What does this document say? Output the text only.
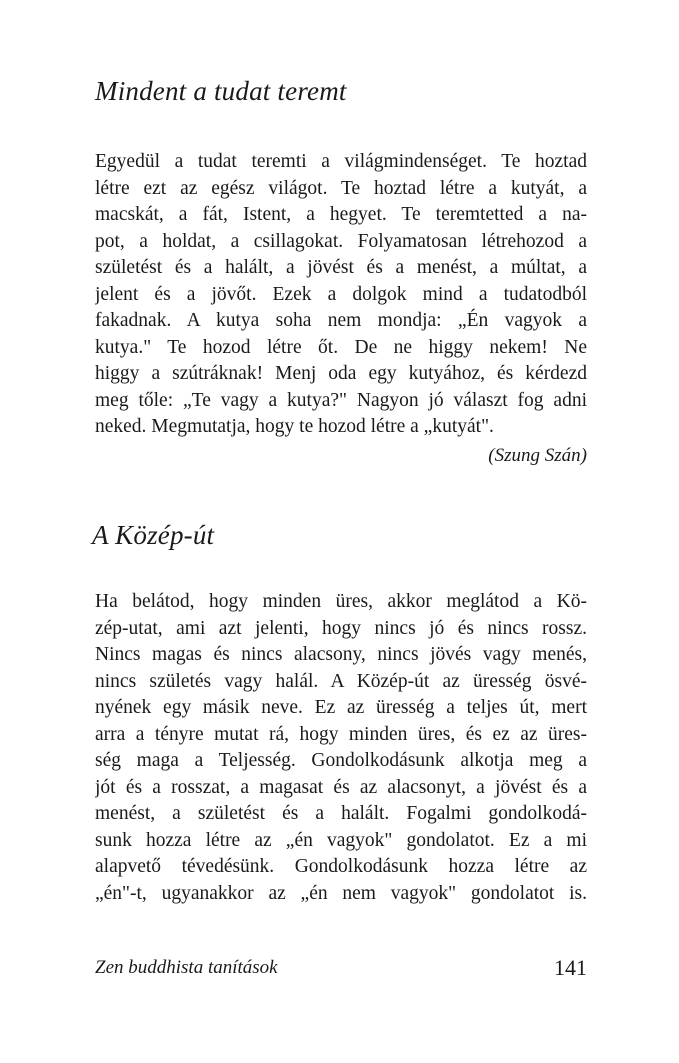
Mindent a tudat teremt
Egyedül a tudat teremti a világmindenséget. Te hoztad
létre ezt az egész világot. Te hoztad létre a kutyát, a
macskát, a fát, Istent, a hegyet. Te teremtetted a na-
pot, a holdat, a csillagokat. Folyamatosan létrehozod a
születést és a halált, a jövést és a menést, a múltat, a
jelent és a jövőt. Ezek a dolgok mind a tudatodból
fakadnak. A kutya soha nem mondja: „Én vagyok a
kutya." Te hozod létre őt. De ne higgy nekem! Ne
higgy a szútráknak! Menj oda egy kutyához, és kérdezd
meg tőle: „Te vagy a kutya?" Nagyon jó választ fog adni
neked. Megmutatja, hogy te hozod létre a „kutyát".
(Szung Szán)
A Közép-út
Ha belátod, hogy minden üres, akkor meglátod a Kö-
zép-utat, ami azt jelenti, hogy nincs jó és nincs rossz.
Nincs magas és nincs alacsony, nincs jövés vagy menés,
nincs születés vagy halál. A Közép-út az üresség ösvé-
nyének egy másik neve. Ez az üresség a teljes út, mert
arra a tényre mutat rá, hogy minden üres, és ez az üres-
ség maga a Teljesség. Gondolkodásunk alkotja meg a
jót és a rosszat, a magasat és az alacsonyt, a jövést és a
menést, a születést és a halált. Fogalmi gondolkodá-
sunk hozza létre az „én vagyok" gondolatot. Ez a mi
alapvető tévedésünk. Gondolkodásunk hozza létre az
„én"-t, ugyanakkor az „én nem vagyok" gondolatot is.
Zen buddhista tanítások	141
